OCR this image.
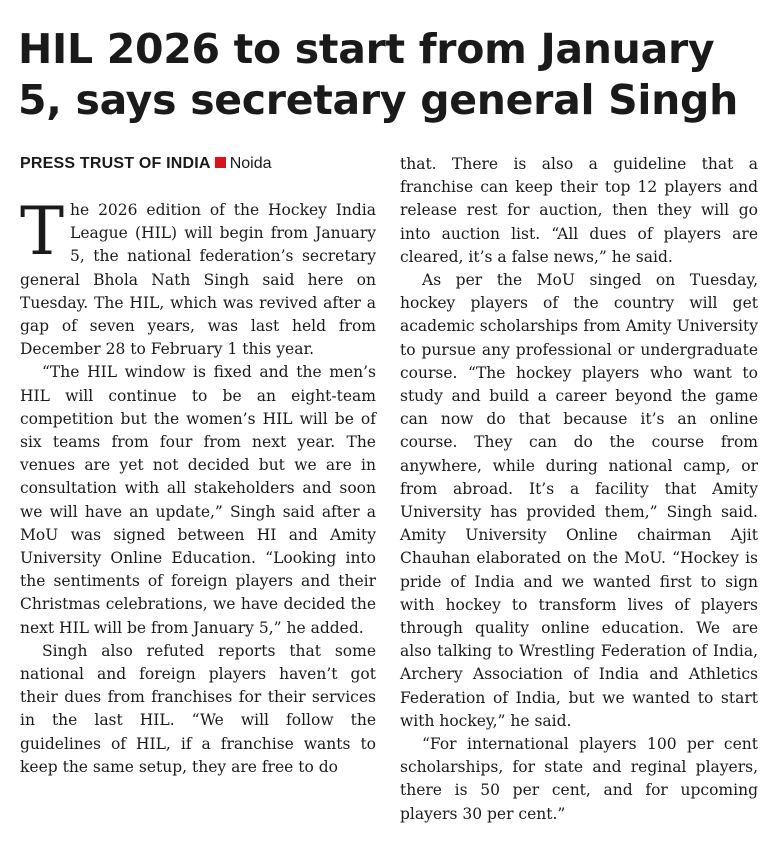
HIL 2026 to start from January 5, says secretary general Singh
PRESS TRUST OF INDIA Noida

The 2026 edition of the Hockey India League (HIL) will begin from January 5, the national federation’s secretary general Bhola Nath Singh said here on Tuesday. The HIL, which was revived after a gap of seven years, was last held from December 28 to February 1 this year.

“The HIL window is fixed and the men’s HIL will continue to be an eight-team competition but the women’s HIL will be of six teams from four from next year. The venues are yet not decided but we are in consultation with all stakeholders and soon we will have an update,” Singh said after a MoU was signed between HI and Amity University Online Education. “Looking into the sentiments of foreign players and their Christmas celebrations, we have decided the next HIL will be from January 5,” he added.

Singh also refuted reports that some national and foreign players haven’t got their dues from franchises for their services in the last HIL. “We will follow the guidelines of HIL, if a franchise wants to keep the same setup, they are free to do

that. There is also a guideline that a franchise can keep their top 12 players and release rest for auction, then they will go into auction list. “All dues of players are cleared, it’s a false news,” he said.

As per the MoU singed on Tuesday, hockey players of the country will get academic scholarships from Amity University to pursue any professional or undergraduate course. “The hockey players who want to study and build a career beyond the game can now do that because it’s an online course. They can do the course from anywhere, while during national camp, or from abroad. It’s a facility that Amity University has provided them,” Singh said. Amity University Online chairman Ajit Chauhan elaborated on the MoU. “Hockey is pride of India and we wanted first to sign with hockey to transform lives of players through quality online education. We are also talking to Wrestling Federation of India, Archery Association of India and Athletics Federation of India, but we wanted to start with hockey,” he said.

“For international players 100 per cent scholarships, for state and reginal players, there is 50 per cent, and for upcoming players 30 per cent.”
